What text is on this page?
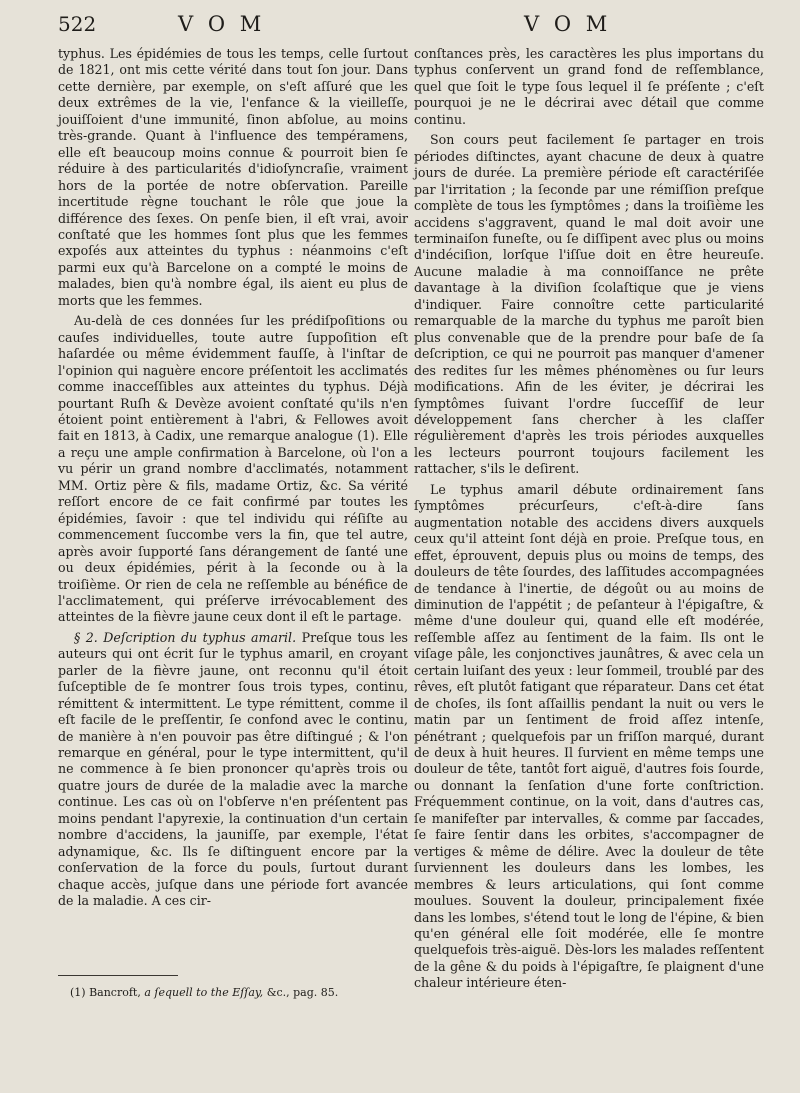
522	V O M	V O M

typhus. Les épidémies de tous les temps, celle ſurtout de 1821, ont mis cette vérité dans tout ſon jour. Dans cette dernière, par exemple, on s'eſt aſſuré que les deux extrêmes de la vie, l'enfance & la vieilleſſe, jouiſſoient d'une immunité, ſinon abſolue, au moins très-grande. Quant à l'influence des tempéramens, elle eſt beaucoup moins connue & pourroit bien ſe réduire à des particularités d'idioſyncraſie, vraiment hors de la portée de notre obſervation. Pareille incertitude règne touchant le rôle que joue la différence des ſexes. On penſe bien, il eſt vrai, avoir conſtaté que les hommes ſont plus que les femmes expoſés aux atteintes du typhus : néanmoins c'eſt parmi eux qu'à Barcelone on a compté le moins de malades, bien qu'à nombre égal, ils aient eu plus de morts que les femmes.

Au-delà de ces données ſur les prédiſpoſitions ou cauſes individuelles, toute autre ſuppoſition eſt haſardée ou même évidemment fauſſe, à l'inſtar de l'opinion qui naguère encore préſentoit les acclimatés comme inacceſſibles aux atteintes du typhus. Déjà pourtant Ruſh & Devèze avoient conſtaté qu'ils n'en étoient point entièrement à l'abri, & Fellowes avoit fait en 1813, à Cadix, une remarque analogue (1). Elle a reçu une ample confirmation à Barcelone, où l'on a vu périr un grand nombre d'acclimatés, notamment MM. Ortiz père & fils, madame Ortiz, &c. Sa vérité reſſort encore de ce fait confirmé par toutes les épidémies, ſavoir : que tel individu qui réſiſte au commencement ſuccombe vers la fin, que tel autre, après avoir ſupporté ſans dérangement de ſanté une ou deux épidémies, périt à la ſeconde ou à la troiſième. Or rien de cela ne reſſemble au bénéfice de l'acclimatement, qui préſerve irrévocablement des atteintes de la fièvre jaune ceux dont il eſt le partage.

§ 2. Deſcription du typhus amaril. Preſque tous les auteurs qui ont écrit ſur le typhus amaril, en croyant parler de la fièvre jaune, ont reconnu qu'il étoit ſuſceptible de ſe montrer ſous trois types, continu, rémittent & intermittent. Le type rémittent, comme il eſt facile de le preſſentir, ſe confond avec le continu, de manière à n'en pouvoir pas être diſtingué ; & l'on remarque en général, pour le type intermittent, qu'il ne commence à ſe bien prononcer qu'après trois ou quatre jours de durée de la maladie avec la marche continue. Les cas où on l'obſerve n'en préſentent pas moins pendant l'apyrexie, la continuation d'un certain nombre d'accidens, la jauniſſe, par exemple, l'état adynamique, &c. Ils ſe diſtinguent encore par la conſervation de la force du pouls, ſurtout durant chaque accès, juſque dans une période fort avancée de la maladie. A ces cir-

conſtances près, les caractères les plus importans du typhus conſervent un grand fond de reſſemblance, quel que ſoit le type ſous lequel il ſe préſente ; c'eſt pourquoi je ne le décrirai avec détail que comme continu.

Son cours peut facilement ſe partager en trois périodes diſtinctes, ayant chacune de deux à quatre jours de durée. La première période eſt caractériſée par l'irritation ; la ſeconde par une rémiſſion preſque complète de tous les ſymptômes ; dans la troiſième les accidens s'aggravent, quand le mal doit avoir une terminaiſon funeſte, ou ſe diſſipent avec plus ou moins d'indéciſion, lorſque l'iſſue doit en être heureuſe. Aucune maladie à ma connoiſſance ne prête davantage à la diviſion ſcolaſtique que je viens d'indiquer. Faire connoître cette particularité remarquable de la marche du typhus me paroît bien plus convenable que de la prendre pour baſe de ſa deſcription, ce qui ne pourroit pas manquer d'amener des redites ſur les mêmes phénomènes ou ſur leurs modifications. Afin de les éviter, je décrirai les ſymptômes ſuivant l'ordre ſucceſſif de leur développement ſans chercher à les claſſer régulièrement d'après les trois périodes auxquelles les lecteurs pourront toujours facilement les rattacher, s'ils le deſirent.

Le typhus amaril débute ordinairement ſans ſymptômes précurſeurs, c'eſt-à-dire ſans augmentation notable des accidens divers auxquels ceux qu'il atteint ſont déjà en proie. Preſque tous, en effet, éprouvent, depuis plus ou moins de temps, des douleurs de tête ſourdes, des laſſitudes accompagnées de tendance à l'inertie, de dégoût ou au moins de diminution de l'appétit ; de peſanteur à l'épigaſtre, & même d'une douleur qui, quand elle eſt modérée, reſſemble aſſez au ſentiment de la faim. Ils ont le viſage pâle, les conjonctives jaunâtres, & avec cela un certain luiſant des yeux : leur ſommeil, troublé par des rêves, eſt plutôt fatigant que réparateur. Dans cet état de choſes, ils ſont aſſaillis pendant la nuit ou vers le matin par un ſentiment de froid aſſez intenſe, pénétrant ; quelquefois par un friſſon marqué, durant de deux à huit heures. Il ſurvient en même temps une douleur de tête, tantôt fort aiguë, d'autres fois ſourde, ou donnant la ſenſation d'une forte conſtriction. Fréquemment continue, on la voit, dans d'autres cas, ſe manifeſter par intervalles, & comme par ſaccades, ſe faire ſentir dans les orbites, s'accompagner de vertiges & même de délire. Avec la douleur de tête ſurviennent les douleurs dans les lombes, les membres & leurs articulations, qui ſont comme moulues. Souvent la douleur, principalement fixée dans les lombes, s'étend tout le long de l'épine, & bien qu'en général elle ſoit modérée, elle ſe montre quelquefois très-aiguë. Dès-lors les malades reſſentent de la gêne & du poids à l'épigaſtre, ſe plaignent d'une chaleur intérieure éten-

(1) Bancroft, a ſequell to the Eſſay, &c., pag. 85.
